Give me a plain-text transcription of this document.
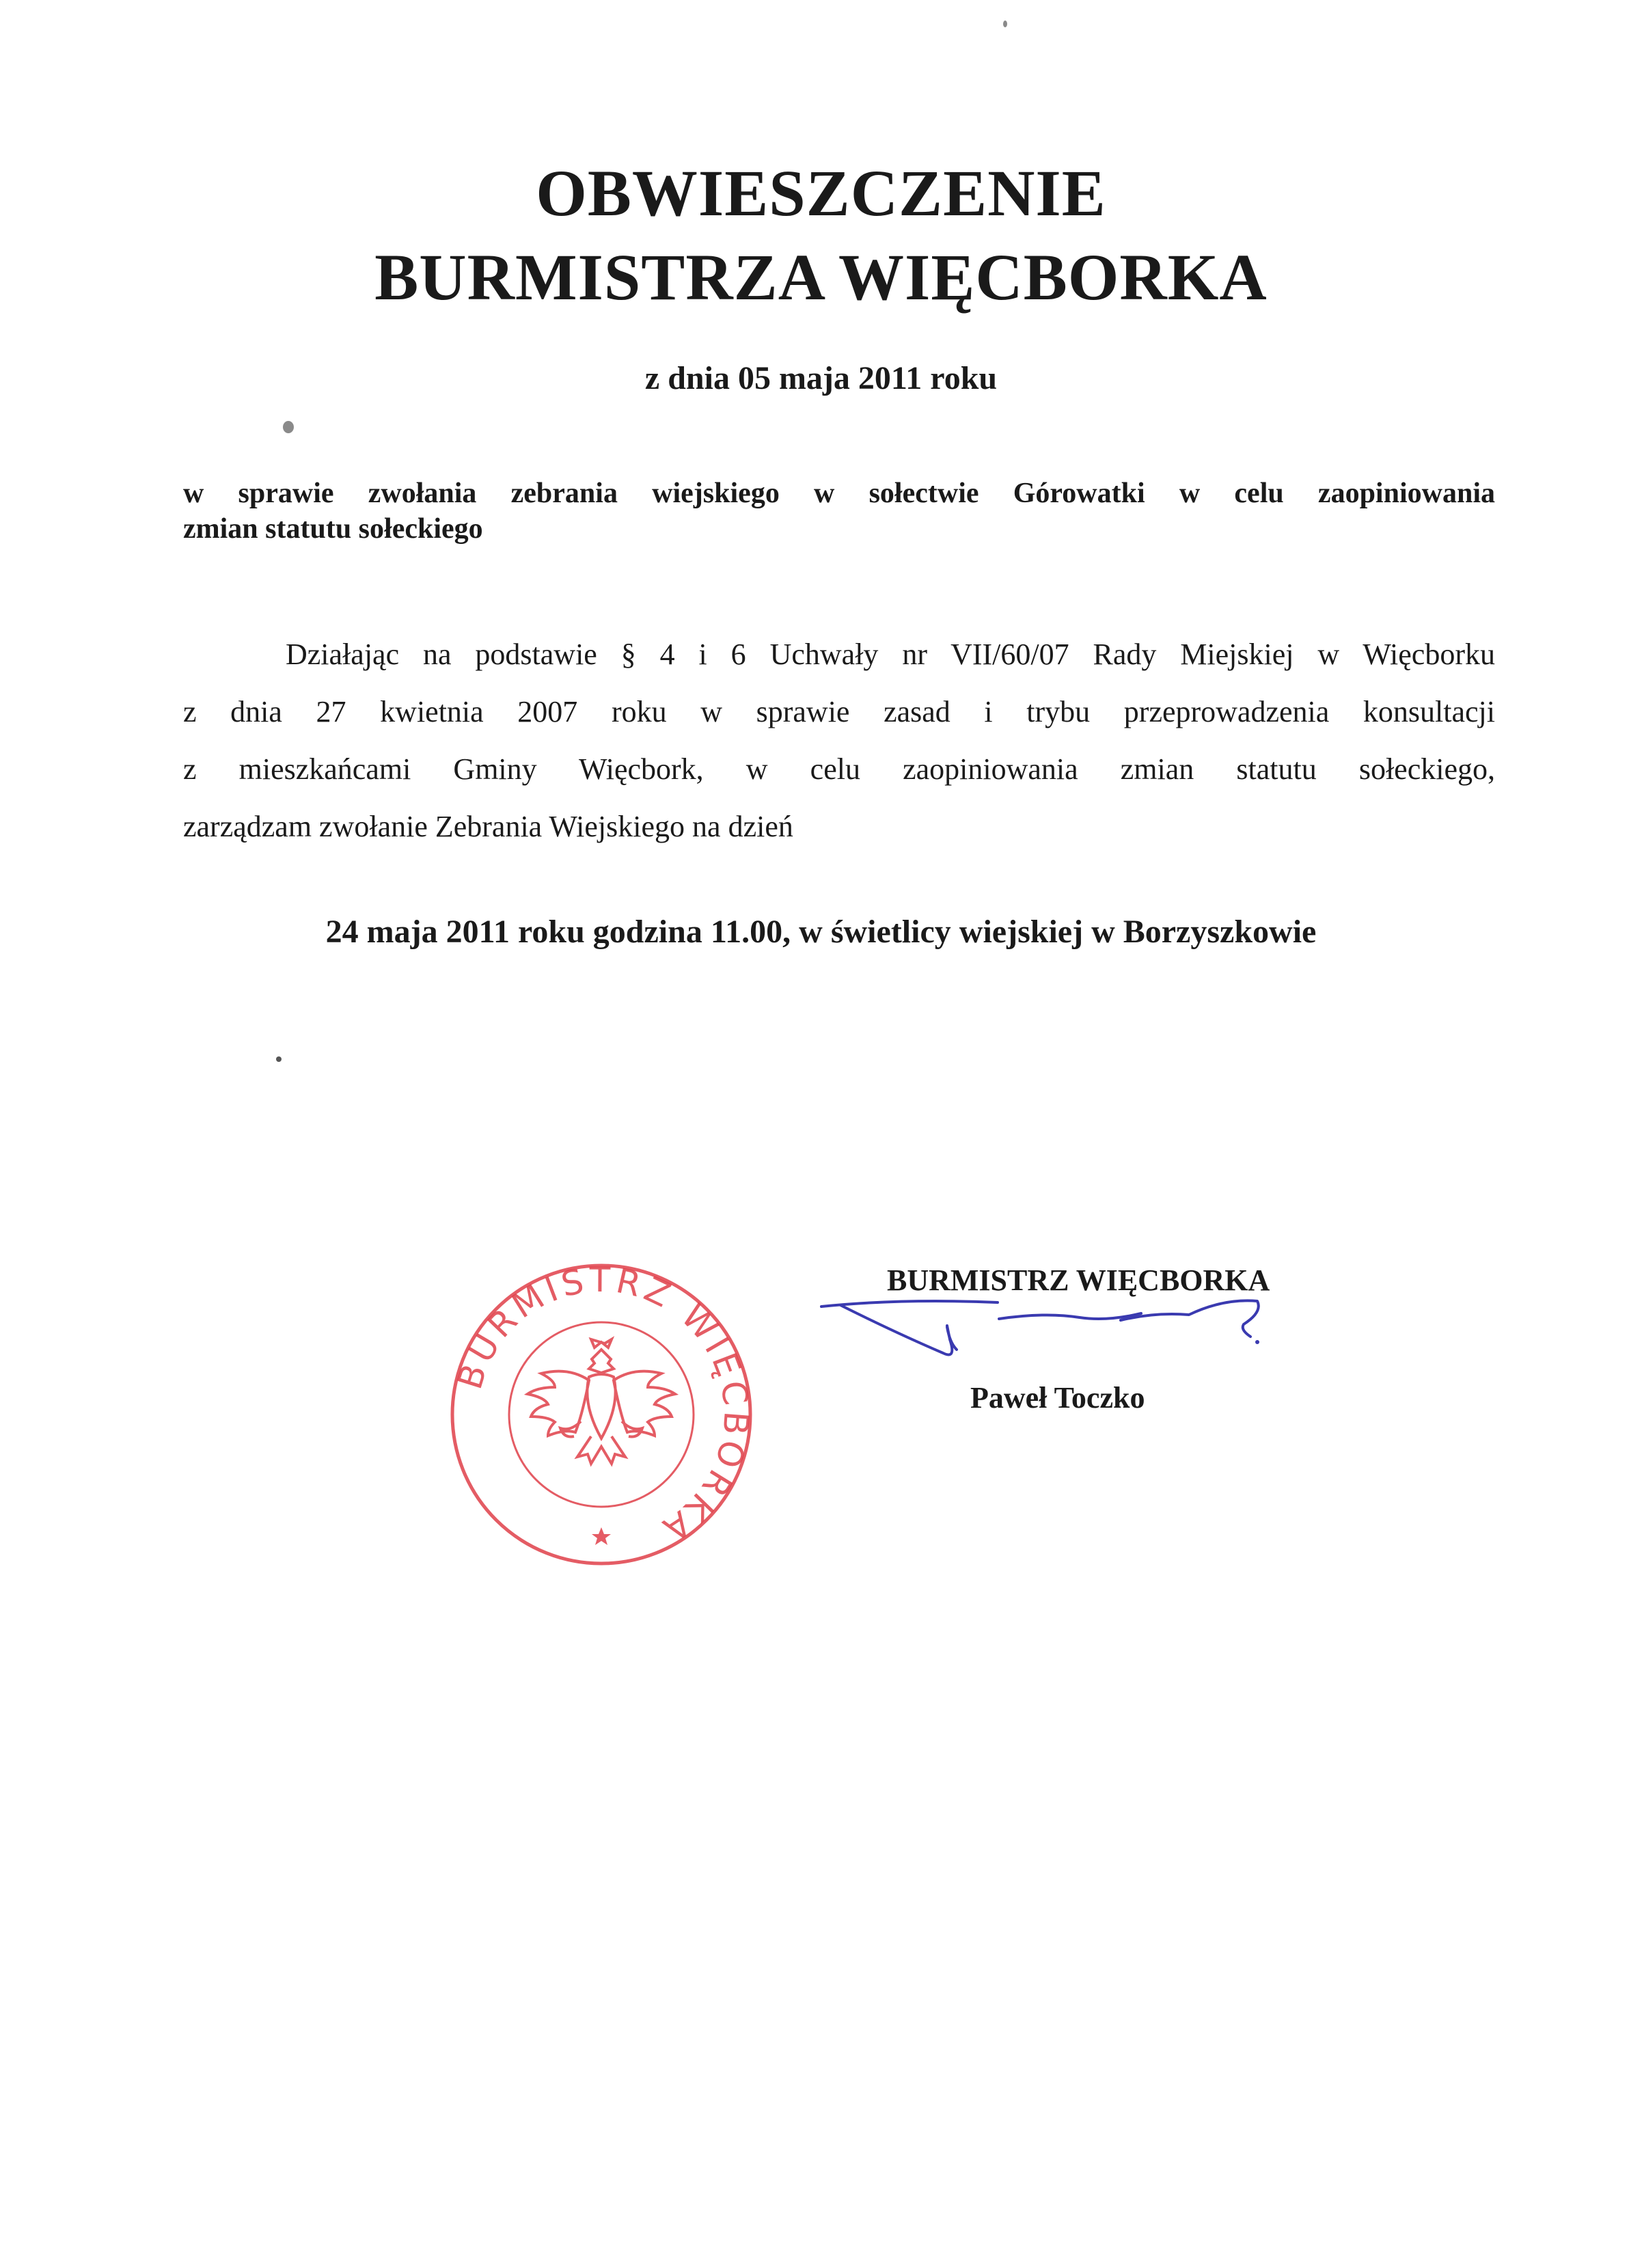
OBWIESZCZENIE
BURMISTRZA WIĘCBORKA
z dnia 05 maja 2011 roku
w sprawie zwołania zebrania wiejskiego w sołectwie Górowatki w celu zaopiniowania
zmian statutu sołeckiego
Działając na podstawie § 4 i 6 Uchwały nr VII/60/07 Rady Miejskiej w Więcborku
z dnia 27 kwietnia 2007 roku w sprawie zasad i trybu przeprowadzenia konsultacji
z mieszkańcami Gminy Więcbork, w celu zaopiniowania zmian statutu sołeckiego,
zarządzam zwołanie Zebrania Wiejskiego na dzień
24 maja 2011 roku godzina 11.00, w świetlicy wiejskiej w Borzyszkowie
BURMISTRZ WIĘCBORKA
BURMISTRZ WIĘCBORKA
Paweł Toczko
